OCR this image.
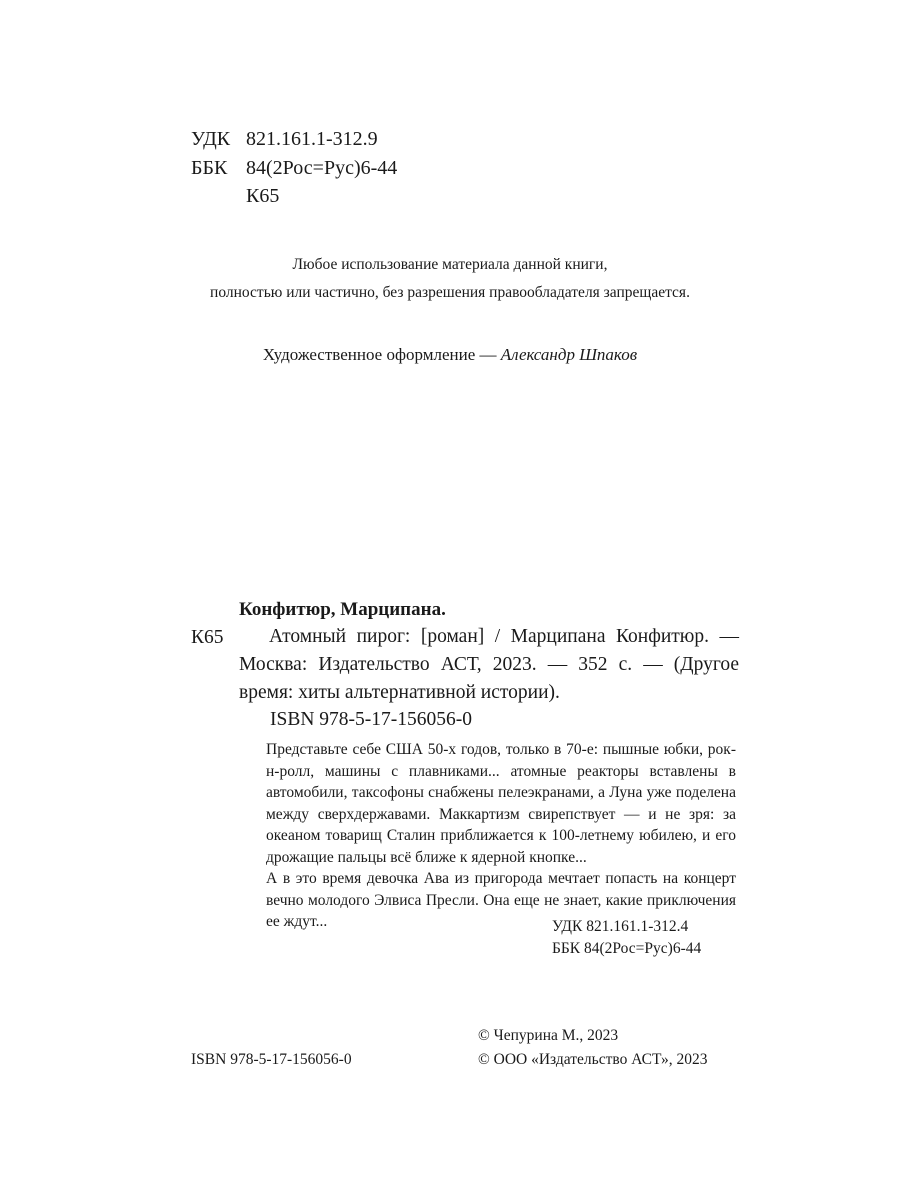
УДК 821.161.1-312.9
ББК 84(2Рос=Рус)6-44
К65
Любое использование материала данной книги,
полностью или частично, без разрешения правообладателя запрещается.
Художественное оформление — Александр Шпаков
Конфитюр, Марципана.
К65	Атомный пирог: [роман] / Марципана Конфитюр. — Москва: Издательство АСТ, 2023. — 352 с. — (Другое время: хиты альтернативной истории).
ISBN 978-5-17-156056-0

Представьте себе США 50-х годов, только в 70-е: пышные юбки, рок-н-ролл, машины с плавниками... атомные реакторы вставлены в автомобили, таксофоны снабжены пелеэкранами, а Луна уже поделена между сверхдержавами. Маккартизм свирепствует — и не зря: за океаном товарищ Сталин приближается к 100-летнему юбилею, и его дрожащие пальцы всё ближе к ядерной кнопке...

А в это время девочка Ава из пригорода мечтает попасть на концерт вечно молодого Элвиса Пресли. Она еще не знает, какие приключения ее ждут...	УДК 821.161.1-312.4
ББК 84(2Рос=Рус)6-44
ISBN 978-5-17-156056-0
© Чепурина М., 2023
© ООО «Издательство АСТ», 2023
